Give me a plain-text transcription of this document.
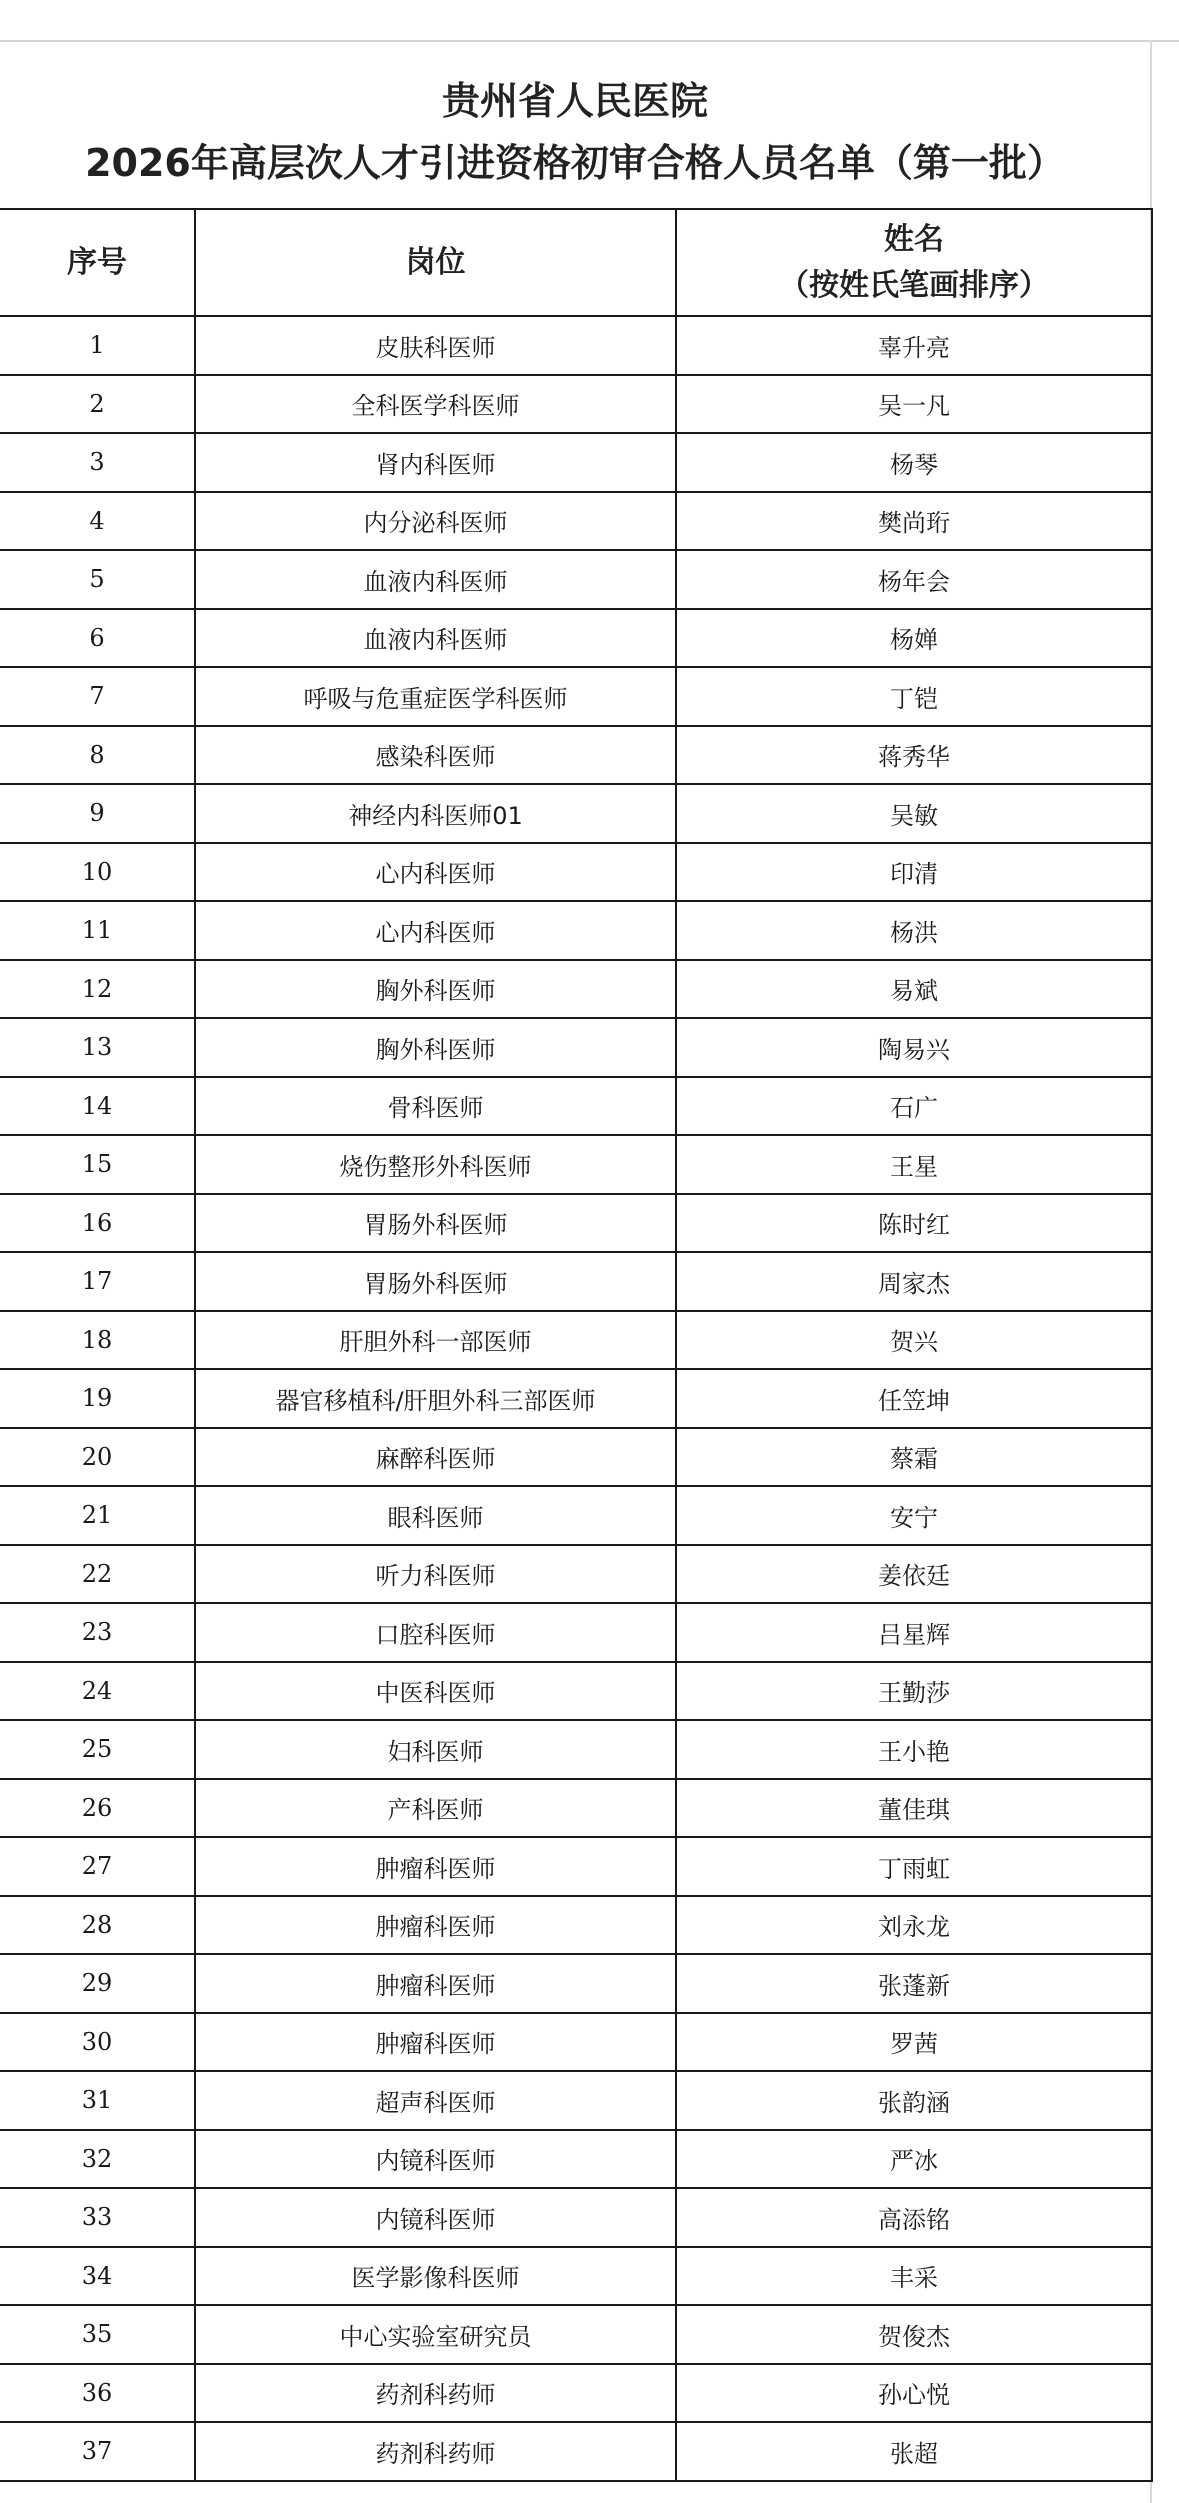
贵州省人民医院
2026年高层次人才引进资格初审合格人员名单（第一批）
序号	岗位	姓名
（按姓氏笔画排序）

1	皮肤科医师	辜升亮
2	全科医学科医师	吴一凡
3	肾内科医师	杨琴
4	内分泌科医师	樊尚珩
5	血液内科医师	杨年会
6	血液内科医师	杨婵
7	呼吸与危重症医学科医师	丁铠
8	感染科医师	蒋秀华
9	神经内科医师01	吴敏
10	心内科医师	印清
11	心内科医师	杨洪
12	胸外科医师	易斌
13	胸外科医师	陶易兴
14	骨科医师	石广
15	烧伤整形外科医师	王星
16	胃肠外科医师	陈时红
17	胃肠外科医师	周家杰
18	肝胆外科一部医师	贺兴
19	器官移植科/肝胆外科三部医师	任笠坤
20	麻醉科医师	蔡霜
21	眼科医师	安宁
22	听力科医师	姜依廷
23	口腔科医师	吕星辉
24	中医科医师	王勤莎
25	妇科医师	王小艳
26	产科医师	董佳琪
27	肿瘤科医师	丁雨虹
28	肿瘤科医师	刘永龙
29	肿瘤科医师	张蓬新
30	肿瘤科医师	罗茜
31	超声科医师	张韵涵
32	内镜科医师	严冰
33	内镜科医师	高添铭
34	医学影像科医师	丰采
35	中心实验室研究员	贺俊杰
36	药剂科药师	孙心悦
37	药剂科药师	张超
